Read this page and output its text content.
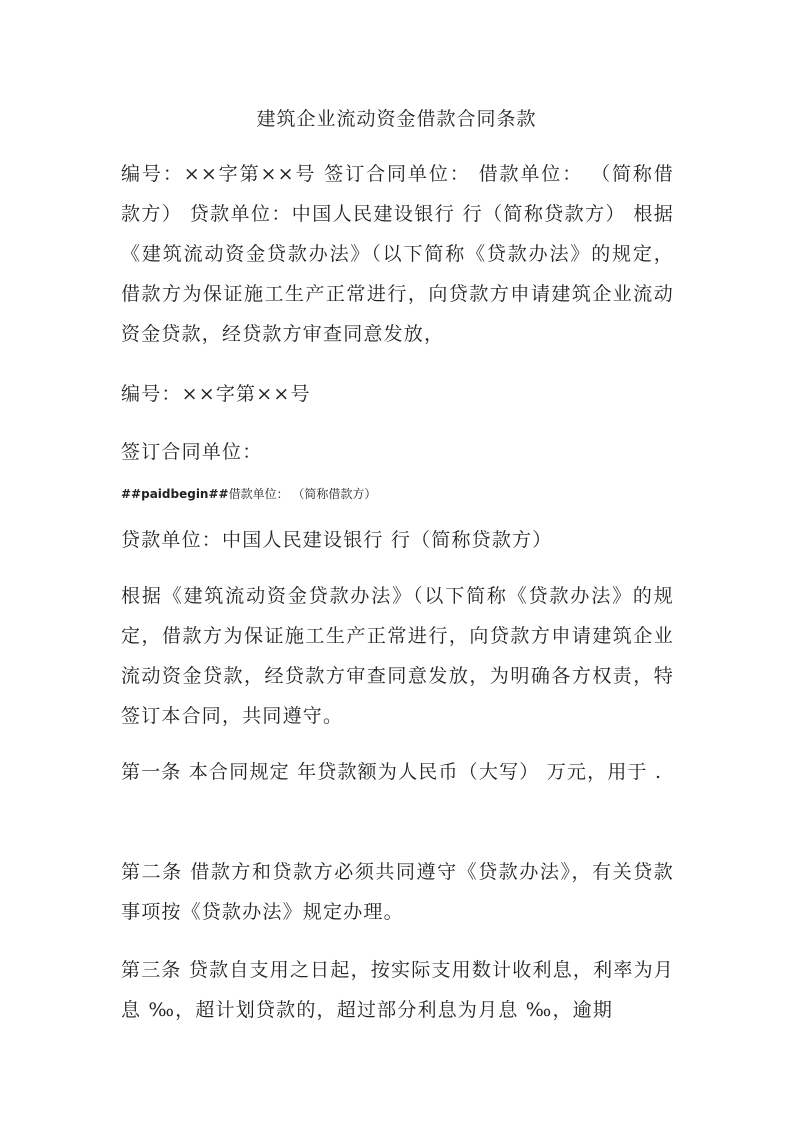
建筑企业流动资金借款合同条款

编号：××字第××号 签订合同单位： 借款单位： （简称借款方） 贷款单位：中国人民建设银行 行（简称贷款方） 根据《建筑流动资金贷款办法》（以下简称《贷款办法》的规定，借款方为保证施工生产正常进行，向贷款方申请建筑企业流动资金贷款，经贷款方审查同意发放，

编号：××字第××号

签订合同单位：

##paidbegin##借款单位： （简称借款方）

贷款单位：中国人民建设银行 行（简称贷款方）

根据《建筑流动资金贷款办法》（以下简称《贷款办法》的规定，借款方为保证施工生产正常进行，向贷款方申请建筑企业流动资金贷款，经贷款方审查同意发放，为明确各方权责，特签订本合同，共同遵守。

第一条 本合同规定 年贷款额为人民币（大写） 万元，用于 .

第二条 借款方和贷款方必须共同遵守《贷款办法》，有关贷款事项按《贷款办法》规定办理。

第三条 贷款自支用之日起，按实际支用数计收利息，利率为月息 ‰，超计划贷款的，超过部分利息为月息 ‰，逾期
